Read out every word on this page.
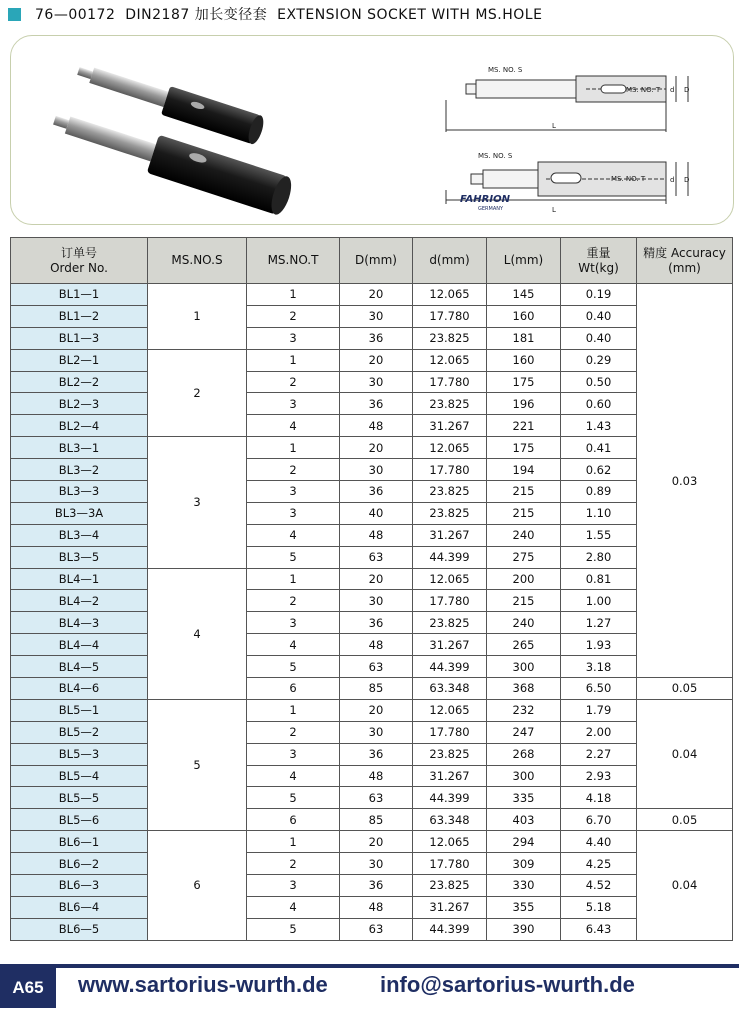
76—00172  DIN2187 加长变径套  EXTENSION SOCKET WITH MS.HOLE
MS. NO. S
MS. NO. T d D
L
MS. NO. S
MS. NO. T	d D
L
FAHRION
GERMANY
订单号
Order No.	MS.NO.S	MS.NO.T	D(mm)	d(mm)	L(mm)	重量
Wt(kg)	精度 Accuracy
(mm)
BL1—1	1	1	20	12.065	145	0.19	0.03
BL1—2		2	30	17.780	160	0.40	
BL1—3		3	36	23.825	181	0.40	
BL2—1	2	1	20	12.065	160	0.29	
BL2—2		2	30	17.780	175	0.50	
BL2—3		3	36	23.825	196	0.60	
BL2—4		4	48	31.267	221	1.43	
BL3—1	3	1	20	12.065	175	0.41	
BL3—2		2	30	17.780	194	0.62	
BL3—3		3	36	23.825	215	0.89	
BL3—3A		3	40	23.825	215	1.10	
BL3—4		4	48	31.267	240	1.55	
BL3—5		5	63	44.399	275	2.80	
BL4—1	4	1	20	12.065	200	0.81	
BL4—2		2	30	17.780	215	1.00	
BL4—3		3	36	23.825	240	1.27	
BL4—4		4	48	31.267	265	1.93	
BL4—5		5	63	44.399	300	3.18	
BL4—6		6	85	63.348	368	6.50	0.05
BL5—1	5	1	20	12.065	232	1.79	0.04
BL5—2		2	30	17.780	247	2.00	
BL5—3		3	36	23.825	268	2.27	
BL5—4		4	48	31.267	300	2.93	
BL5—5		5	63	44.399	335	4.18	
BL5—6		6	85	63.348	403	6.70	0.05
BL6—1	6	1	20	12.065	294	4.40	0.04
BL6—2		2	30	17.780	309	4.25	
BL6—3		3	36	23.825	330	4.52	
BL6—4		4	48	31.267	355	5.18	
BL6—5		5	63	44.399	390	6.43	
A65	www.sartorius-wurth.de info@sartorius-wurth.de
